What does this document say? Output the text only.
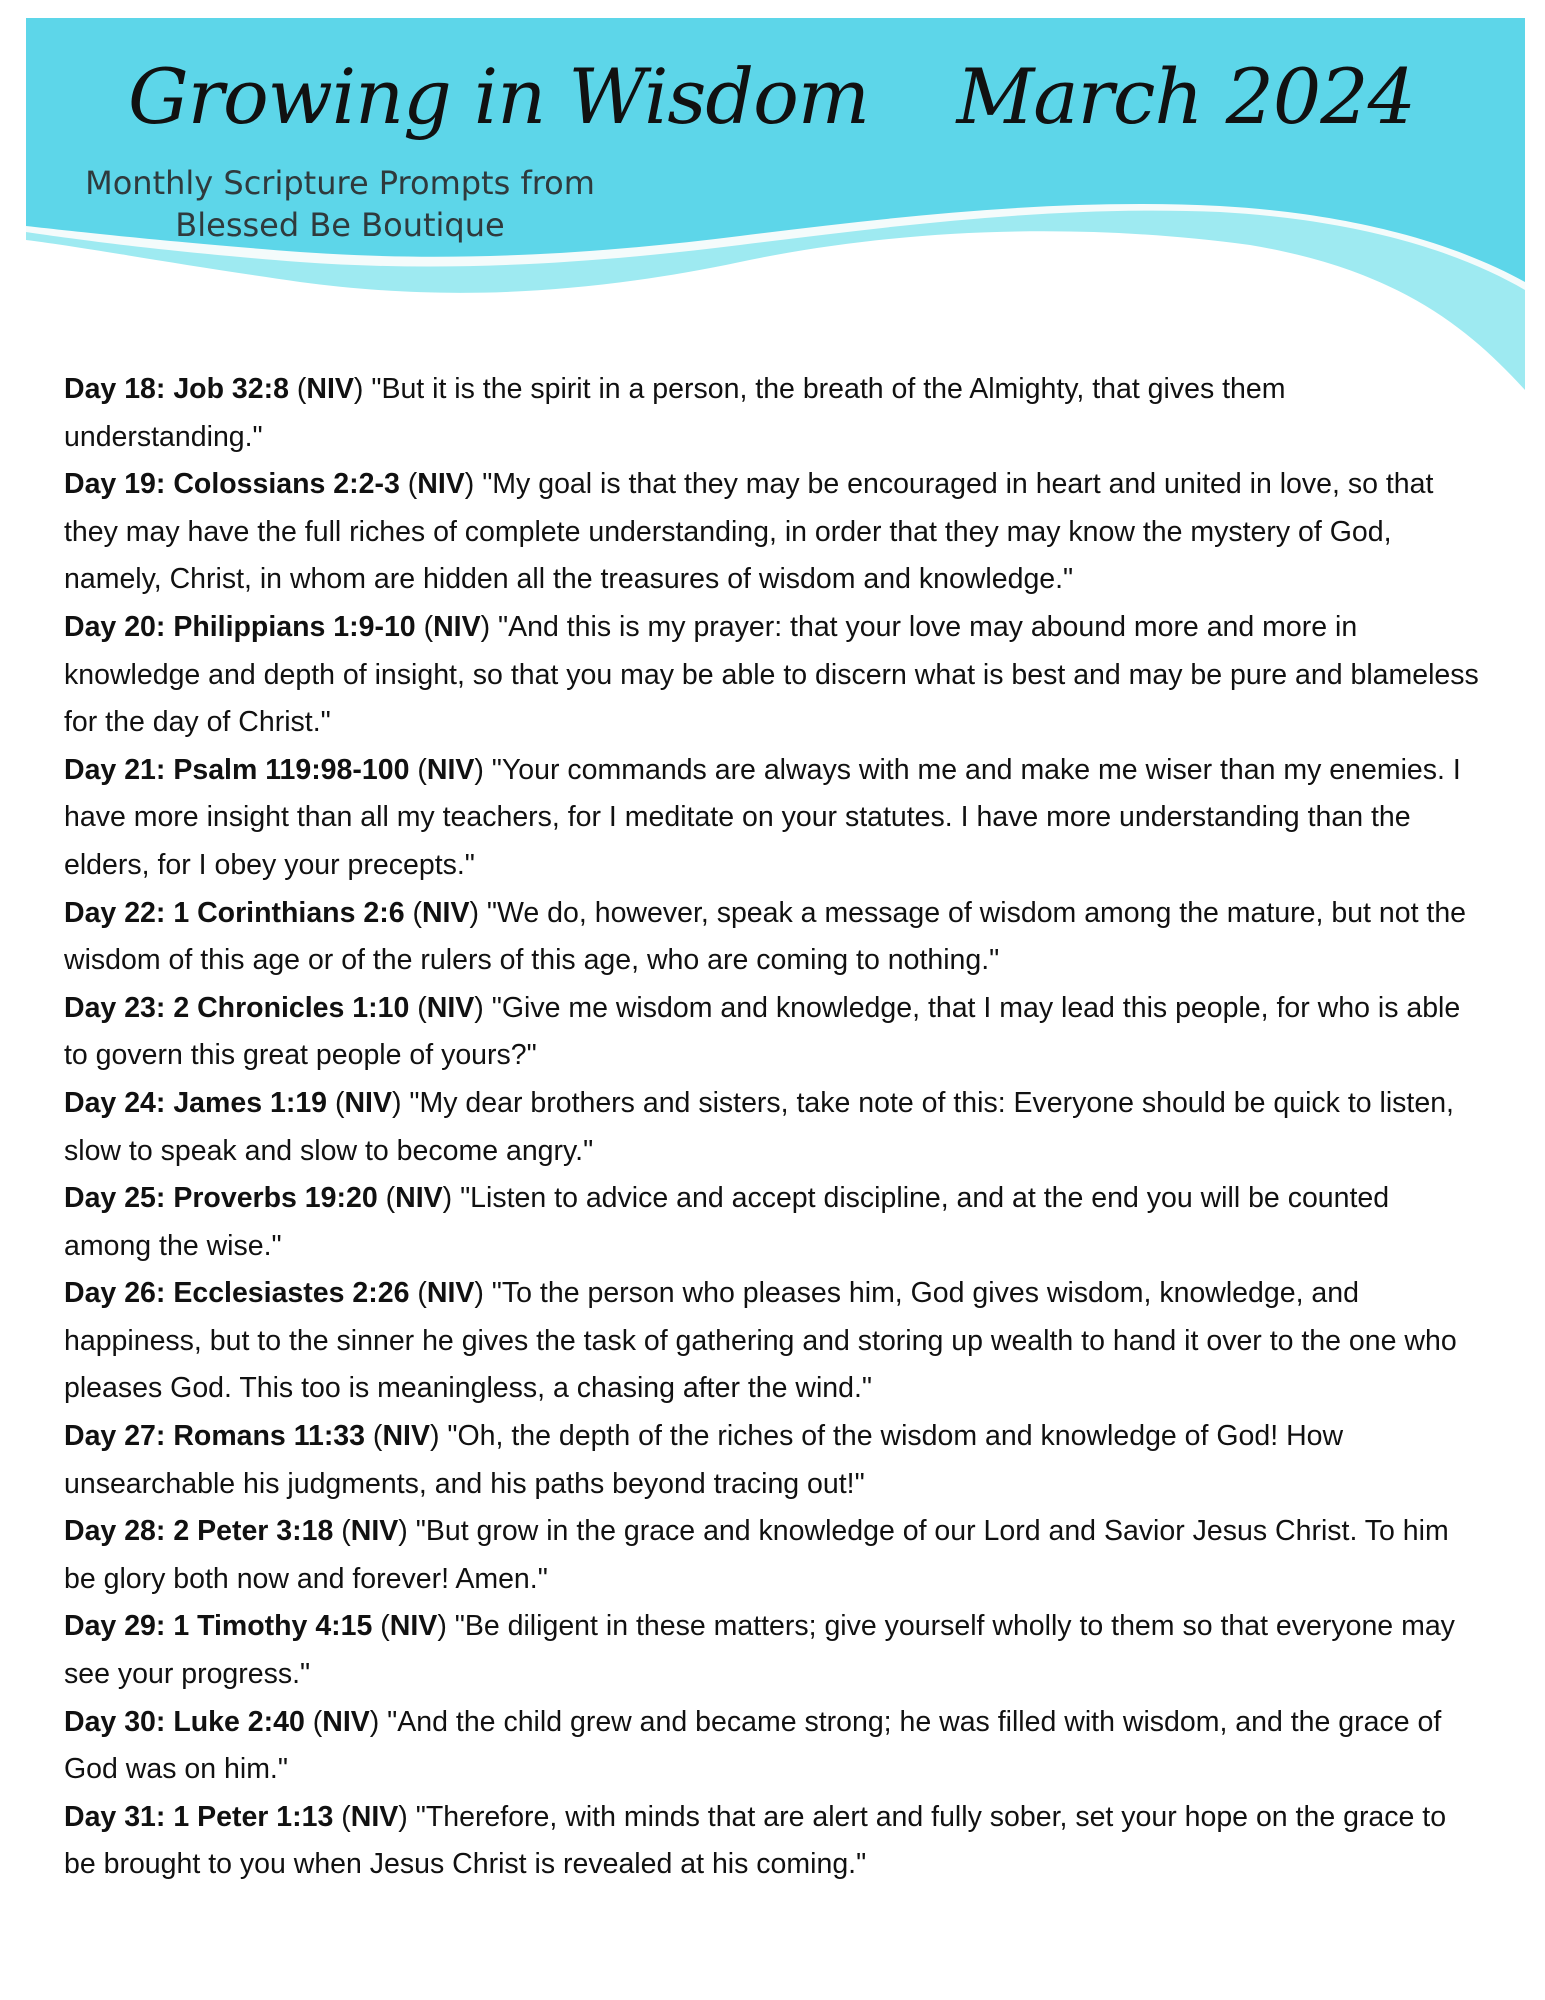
Growing in Wisdom March 2024
Monthly Scripture Prompts from
Blessed Be Boutique

Day 18: Job 32:8 (NIV) "But it is the spirit in a person, the breath of the Almighty, that gives them understanding."

Day 19: Colossians 2:2-3 (NIV) "My goal is that they may be encouraged in heart and united in love, so that they may have the full riches of complete understanding, in order that they may know the mystery of God, namely, Christ, in whom are hidden all the treasures of wisdom and knowledge."

Day 20: Philippians 1:9-10 (NIV) "And this is my prayer: that your love may abound more and more in knowledge and depth of insight, so that you may be able to discern what is best and may be pure and blameless for the day of Christ."

Day 21: Psalm 119:98-100 (NIV) "Your commands are always with me and make me wiser than my enemies. I have more insight than all my teachers, for I meditate on your statutes. I have more understanding than the elders, for I obey your precepts."

Day 22: 1 Corinthians 2:6 (NIV) "We do, however, speak a message of wisdom among the mature, but not the wisdom of this age or of the rulers of this age, who are coming to nothing."

Day 23: 2 Chronicles 1:10 (NIV) "Give me wisdom and knowledge, that I may lead this people, for who is able to govern this great people of yours?"

Day 24: James 1:19 (NIV) "My dear brothers and sisters, take note of this: Everyone should be quick to listen, slow to speak and slow to become angry."

Day 25: Proverbs 19:20 (NIV) "Listen to advice and accept discipline, and at the end you will be counted among the wise."

Day 26: Ecclesiastes 2:26 (NIV) "To the person who pleases him, God gives wisdom, knowledge, and happiness, but to the sinner he gives the task of gathering and storing up wealth to hand it over to the one who pleases God. This too is meaningless, a chasing after the wind."

Day 27: Romans 11:33 (NIV) "Oh, the depth of the riches of the wisdom and knowledge of God! How unsearchable his judgments, and his paths beyond tracing out!"

Day 28: 2 Peter 3:18 (NIV) "But grow in the grace and knowledge of our Lord and Savior Jesus Christ. To him be glory both now and forever! Amen."

Day 29: 1 Timothy 4:15 (NIV) "Be diligent in these matters; give yourself wholly to them so that everyone may see your progress."

Day 30: Luke 2:40 (NIV) "And the child grew and became strong; he was filled with wisdom, and the grace of God was on him."

Day 31: 1 Peter 1:13 (NIV) "Therefore, with minds that are alert and fully sober, set your hope on the grace to be brought to you when Jesus Christ is revealed at his coming."
